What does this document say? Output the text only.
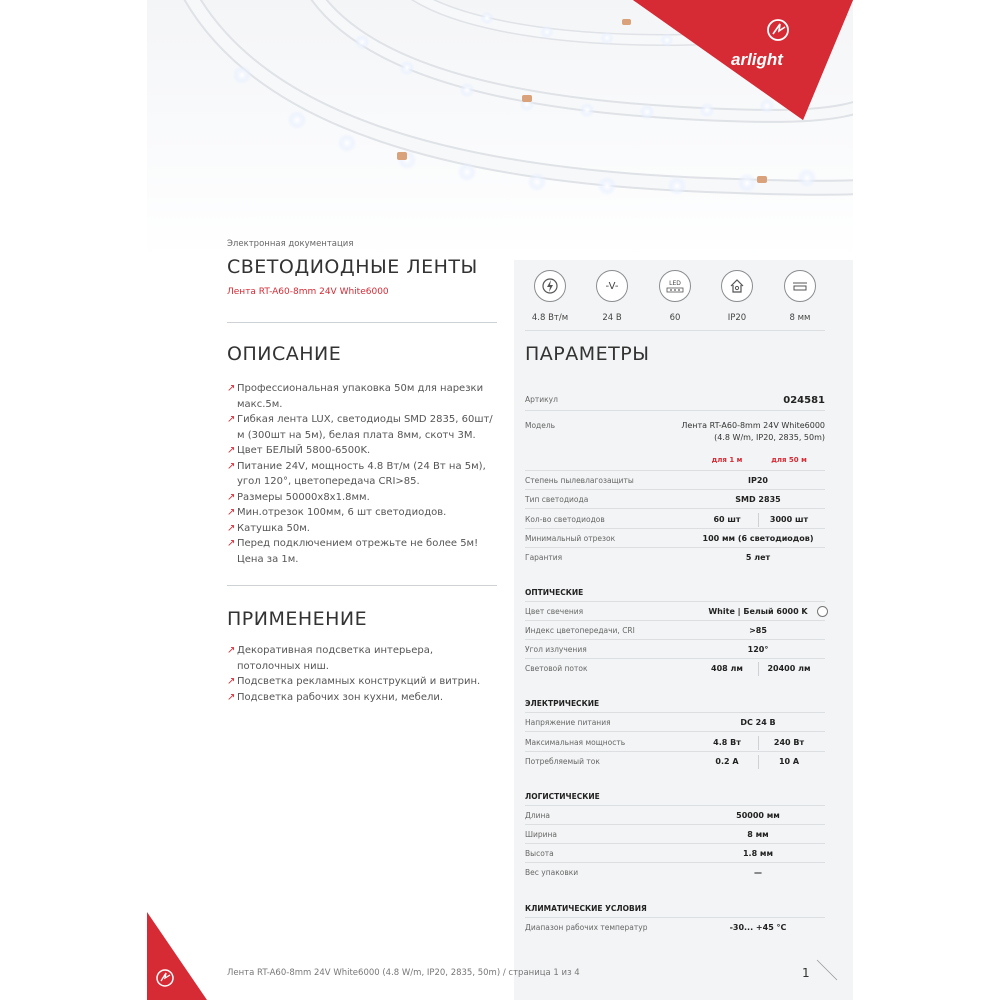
arlight
Электронная документация
СВЕТОДИОДНЫЕ ЛЕНТЫ
Лента RT-A60-8mm 24V White6000
4.8 Вт/м
-V-
24 В
LED
60	IP20	8 мм
ОПИСАНИЕ
↗ Профессиональная упаковка 50м для нарезки макс.5м.
↗ Гибкая лента LUX, светодиоды SMD 2835, 60шт/м (300шт на 5м), белая плата 8мм, скотч 3М.
↗ Цвет БЕЛЫЙ 5800-6500K.
↗ Питание 24V, мощность 4.8 Вт/м (24 Вт на 5м), угол 120°, цветопередача CRI>85.
↗ Размеры 50000x8x1.8мм.
↗ Мин.отрезок 100мм, 6 шт светодиодов.
↗ Катушка 50м.
↗ Перед подключением отрежьте не более 5м! Цена за 1м.
ПРИМЕНЕНИЕ
↗ Декоративная подсветка интерьера, потолочных ниш.
↗ Подсветка рекламных конструкций и витрин.
↗ Подсветка рабочих зон кухни, мебели.
ПАРАМЕТРЫ
Артикул	024581
Модель	Лента RT-A60-8mm 24V White6000
(4.8 W/m, IP20, 2835, 50m)
для 1 м	для 50 м
Степень пылевлагозащиты	IP20
Тип светодиода	SMD 2835
Кол-во светодиодов	60 шт	3000 шт
Минимальный отрезок	100 мм (6 светодиодов)
Гарантия	5 лет
ОПТИЧЕСКИЕ
Цвет свечения	White | Белый 6000 K
Индекс цветопередачи, CRI	>85
Угол излучения	120°
Световой поток	408 лм	20400 лм
ЭЛЕКТРИЧЕСКИЕ
Напряжение питания	DC 24 В
Максимальная мощность	4.8 Вт	240 Вт
Потребляемый ток	0.2 A	10 A
ЛОГИСТИЧЕСКИЕ
Длина	50000 мм
Ширина	8 мм
Высота	1.8 мм
Вес упаковки	—
КЛИМАТИЧЕСКИЕ УСЛОВИЯ
Диапазон рабочих температур	-30... +45 °C
Лента RT-A60-8mm 24V White6000 (4.8 W/m, IP20, 2835, 50m) / страница 1 из 4	1
